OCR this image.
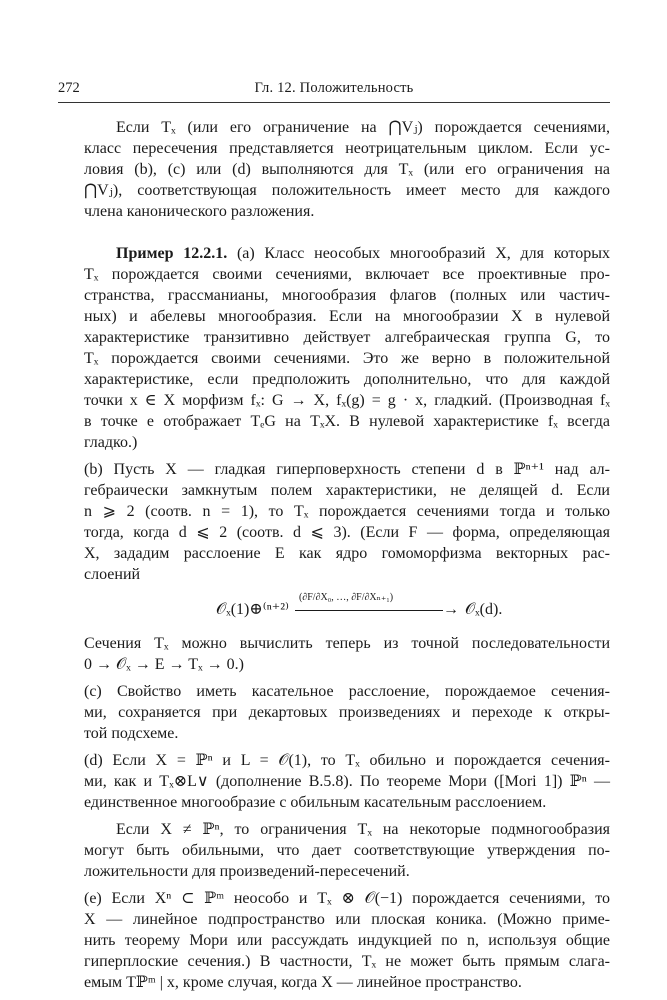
272	Гл. 12. Положительность
Если Tₓ (или его ограничение на ⋂Vⱼ) порождается сечениями,
класс пересечения представляется неотрицательным циклом. Если ус-
ловия (b), (c) или (d) выполняются для Tₓ (или его ограничения на
⋂Vⱼ), соответствующая положительность имеет место для каждого
члена канонического разложения.
Пример 12.2.1. (a) Класс неособых многообразий X, для которых
Tₓ порождается своими сечениями, включает все проективные про-
странства, грассманианы, многообразия флагов (полных или частич-
ных) и абелевы многообразия. Если на многообразии X в нулевой
характеристике транзитивно действует алгебраическая группа G, то
Tₓ порождается своими сечениями. Это же верно в положительной
характеристике, если предположить дополнительно, что для каждой
точки x ∈ X морфизм fₓ: G → X, fₓ(g) = g · x, гладкий. (Производная fₓ
в точке e отображает TₑG на TₓX. В нулевой характеристике fₓ всегда
гладко.)
(b) Пусть X — гладкая гиперповерхность степени d в ℙⁿ⁺¹ над ал-
гебраически замкнутым полем характеристики, не делящей d. Если
n ⩾ 2 (соотв. n = 1), то Tₓ порождается сечениями тогда и только
тогда, когда d ⩽ 2 (соотв. d ⩽ 3). (Если F — форма, определяющая
X, зададим расслоение E как ядро гомоморфизма векторных рас-
слоений
𝒪ₓ(1)⊕⁽ⁿ⁺²⁾
(∂F/∂X₀, …, ∂F/∂Xₙ₊₁)
→ 𝒪ₓ(d).
Сечения Tₓ можно вычислить теперь из точной последовательности
0 → 𝒪ₓ → E → Tₓ → 0.)
(c) Свойство иметь касательное расслоение, порождаемое сечения-
ми, сохраняется при декартовых произведениях и переходе к откры-
той подсхеме.
(d) Если X = ℙⁿ и L = 𝒪(1), то Tₓ обильно и порождается сечения-
ми, как и Tₓ⊗L∨ (дополнение B.5.8). По теореме Мори ([Mori 1]) ℙⁿ —
единственное многообразие с обильным касательным расслоением.
Если X ≠ ℙⁿ, то ограничения Tₓ на некоторые подмногообразия
могут быть обильными, что дает соответствующие утверждения по-
ложительности для произведений-пересечений.
(e) Если Xⁿ ⊂ ℙᵐ неособо и Tₓ ⊗ 𝒪(−1) порождается сечениями, то
X — линейное подпространство или плоская коника. (Можно приме-
нить теорему Мори или рассуждать индукцией по n, используя общие
гиперплоские сечения.) В частности, Tₓ не может быть прямым слага-
емым Tℙᵐ | x, кроме случая, когда X — линейное пространство.
